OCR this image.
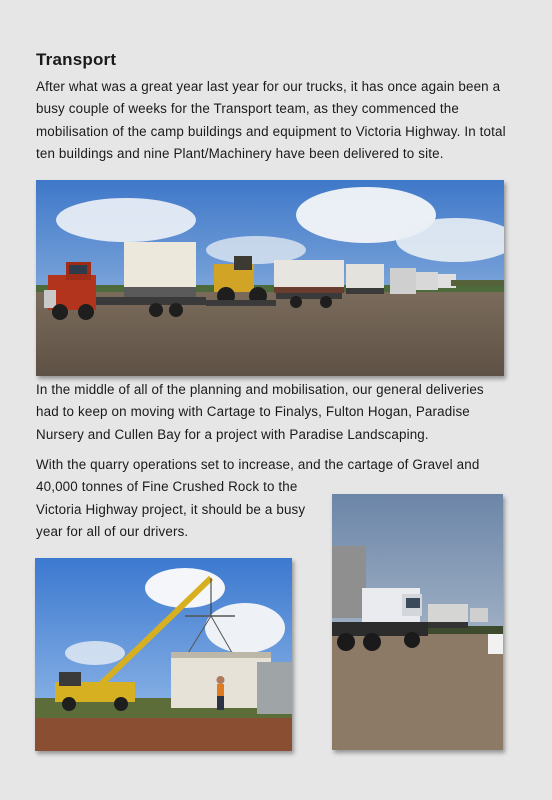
Transport

After what was a great year last year for our trucks, it has once again been a busy couple of weeks for the Transport team, as they commenced the mobilisation of the camp buildings and equipment to Victoria Highway. In total ten buildings and nine Plant/Machinery have been delivered to site.

In the middle of all of the planning and mobilisation, our general deliveries had to keep on moving with Cartage to Finalys, Fulton Hogan, Paradise Nursery and Cullen Bay for a project with Paradise Landscaping.

With the quarry operations set to increase, and the cartage of Gravel and
40,000 tonnes of Fine Crushed Rock to the
Victoria Highway project, it should be a busy
year for all of our drivers.
